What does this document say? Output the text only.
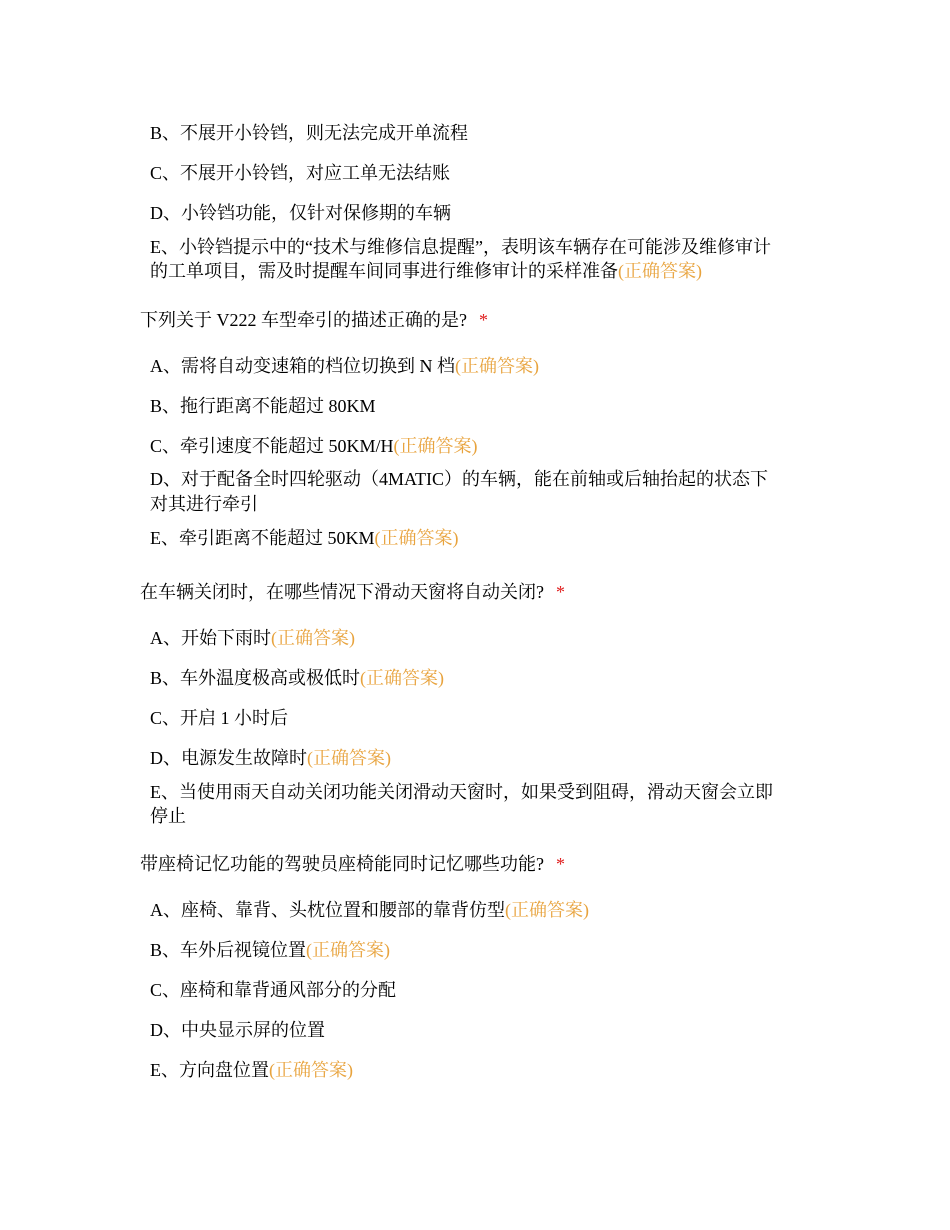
B、不展开小铃铛，则无法完成开单流程
C、不展开小铃铛，对应工单无法结账
D、小铃铛功能，仅针对保修期的车辆
E、小铃铛提示中的“技术与维修信息提醒”，表明该车辆存在可能涉及维修审计
的工单项目，需及时提醒车间同事进行维修审计的采样准备(正确答案)
下列关于 V222 车型牵引的描述正确的是? *
A、需将自动变速箱的档位切换到 N 档(正确答案)
B、拖行距离不能超过 80KM
C、牵引速度不能超过 50KM/H(正确答案)
D、对于配备全时四轮驱动（4MATIC）的车辆，能在前轴或后轴抬起的状态下
对其进行牵引
E、牵引距离不能超过 50KM(正确答案)
在车辆关闭时，在哪些情况下滑动天窗将自动关闭? *
A、开始下雨时(正确答案)
B、车外温度极高或极低时(正确答案)
C、开启 1 小时后
D、电源发生故障时(正确答案)
E、当使用雨天自动关闭功能关闭滑动天窗时，如果受到阻碍，滑动天窗会立即
停止
带座椅记忆功能的驾驶员座椅能同时记忆哪些功能? *
A、座椅、靠背、头枕位置和腰部的靠背仿型(正确答案)
B、车外后视镜位置(正确答案)
C、座椅和靠背通风部分的分配
D、中央显示屏的位置
E、方向盘位置(正确答案)
